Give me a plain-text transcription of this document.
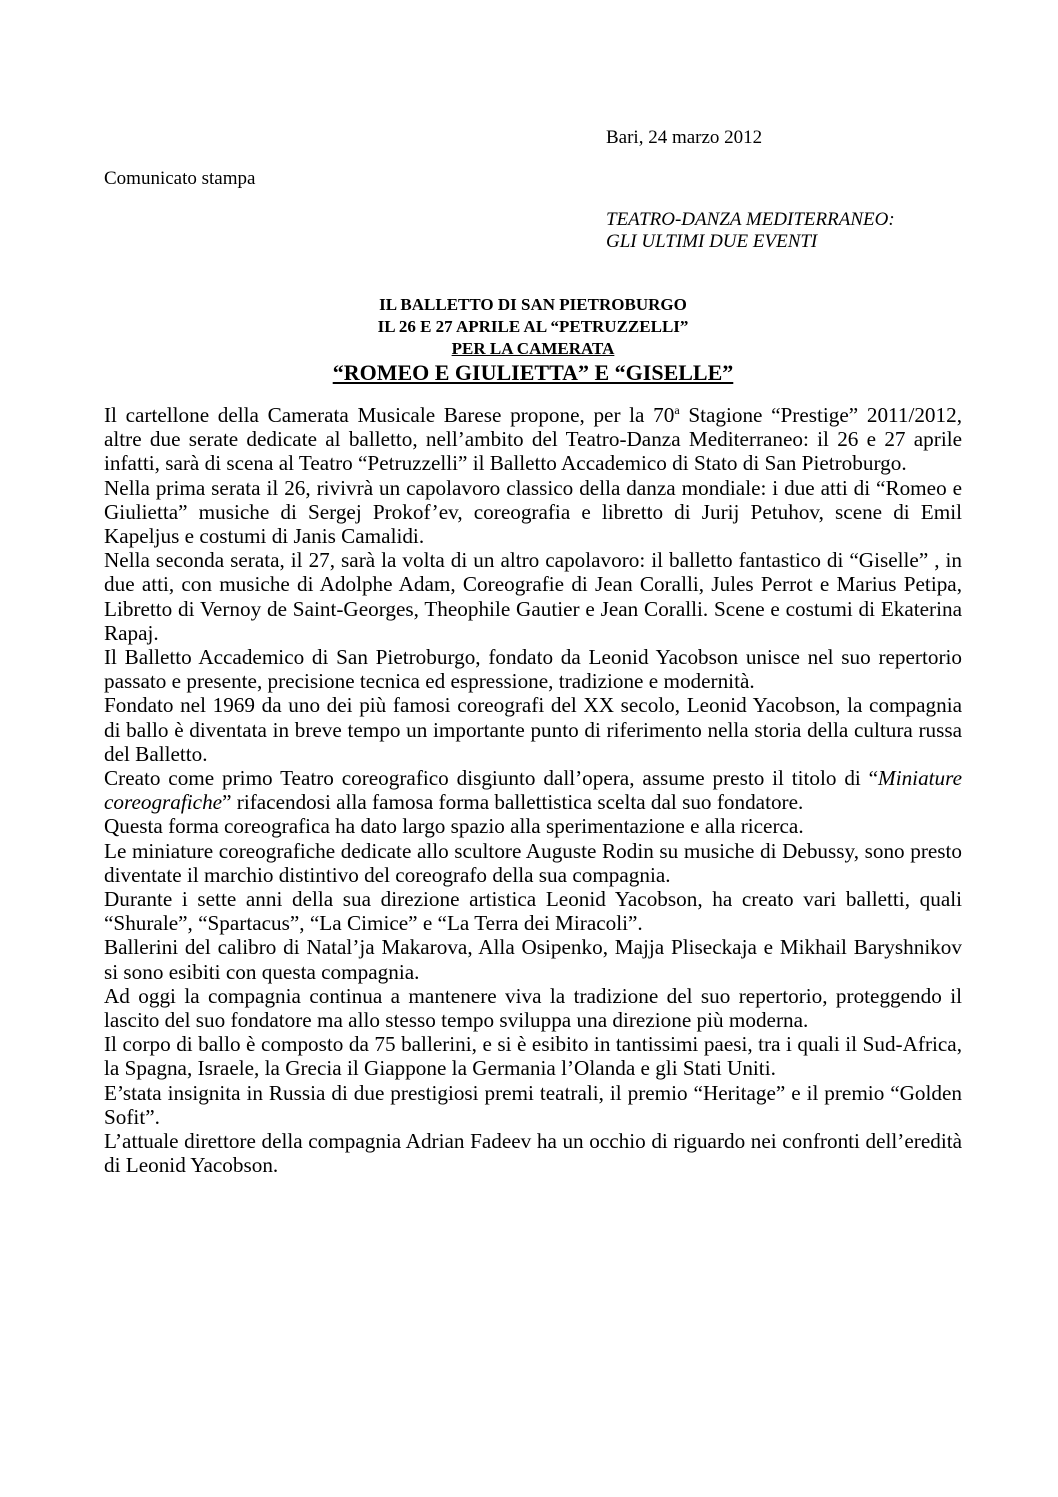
Bari, 24 marzo 2012
Comunicato stampa
TEATRO-DANZA MEDITERRANEO:
GLI ULTIMI DUE EVENTI
IL BALLETTO DI SAN PIETROBURGO
IL 26 E 27 APRILE AL “PETRUZZELLI”
PER LA CAMERATA
“ROMEO E GIULIETTA” E “GISELLE”

Il cartellone della Camerata Musicale Barese propone, per la 70$^a$ Stagione “Prestige” 2011/2012, altre due serate dedicate al balletto, nell’ambito del Teatro-Danza Mediterraneo: il 26 e 27 aprile infatti, sarà di scena al Teatro “Petruzzelli” il Balletto Accademico di Stato di San Pietroburgo.

Nella prima serata il 26, rivivrà un capolavoro classico della danza mondiale: i due atti di “Romeo e Giulietta” musiche di Sergej Prokof’ev, coreografia e libretto di Jurij Petuhov, scene di Emil Kapeljus e costumi di Janis Camalidi.

Nella seconda serata, il 27, sarà la volta di un altro capolavoro: il balletto fantastico di “Giselle” , in due atti, con musiche di Adolphe Adam, Coreografie di Jean Coralli, Jules Perrot e Marius Petipa, Libretto di Vernoy de Saint-Georges, Theophile Gautier e Jean Coralli. Scene e costumi di Ekaterina Rapaj.

Il Balletto Accademico di San Pietroburgo, fondato da Leonid Yacobson unisce nel suo repertorio passato e presente, precisione tecnica ed espressione, tradizione e modernità.

Fondato nel 1969 da uno dei più famosi coreografi del XX secolo, Leonid Yacobson, la compagnia di ballo è diventata in breve tempo un importante punto di riferimento nella storia della cultura russa del Balletto.

Creato come primo Teatro coreografico disgiunto dall’opera, assume presto il titolo di “Miniature coreografiche” rifacendosi alla famosa forma ballettistica scelta dal suo fondatore.

Questa forma coreografica ha dato largo spazio alla sperimentazione e alla ricerca.

Le miniature coreografiche dedicate allo scultore Auguste Rodin su musiche di Debussy, sono presto diventate il marchio distintivo del coreografo della sua compagnia.

Durante i sette anni della sua direzione artistica Leonid Yacobson, ha creato vari balletti, quali “Shurale”, “Spartacus”, “La Cimice” e “La Terra dei Miracoli”.

Ballerini del calibro di Natal’ja Makarova, Alla Osipenko, Majja Pliseckaja e Mikhail Baryshnikov si sono esibiti con questa compagnia.

Ad oggi la compagnia continua a mantenere viva la tradizione del suo repertorio, proteggendo il lascito del suo fondatore ma allo stesso tempo sviluppa una direzione più moderna.

Il corpo di ballo è composto da 75 ballerini, e si è esibito in tantissimi paesi, tra i quali il Sud-Africa, la Spagna, Israele, la Grecia il Giappone la Germania l’Olanda e gli Stati Uniti.

E’stata insignita in Russia di due prestigiosi premi teatrali, il premio “Heritage” e il premio “Golden Sofit”.

L’attuale direttore della compagnia Adrian Fadeev ha un occhio di riguardo nei confronti dell’eredità di Leonid Yacobson.
